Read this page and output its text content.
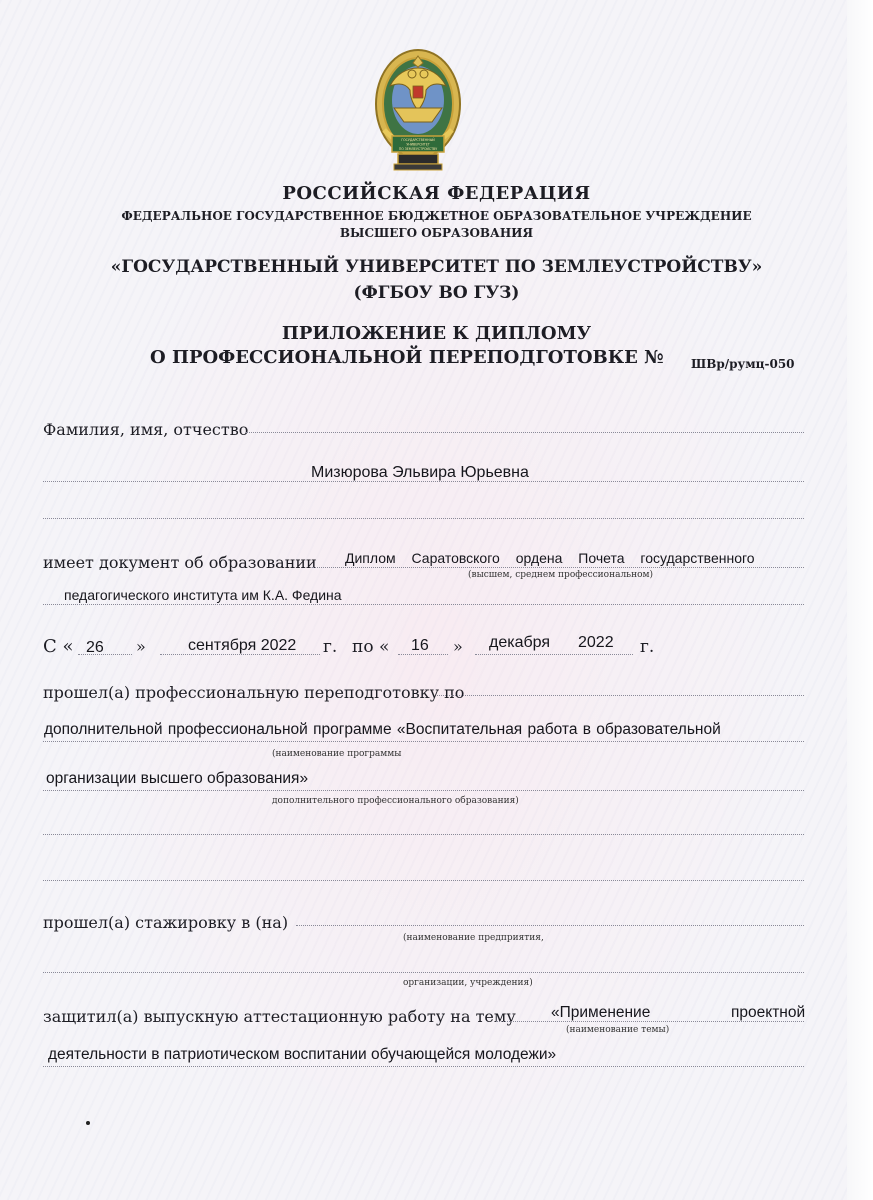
ГОСУДАРСТВЕННЫЙ
УНИВЕРСИТЕТ
ПО ЗЕМЛЕУСТРОЙСТВУ
РОССИЙСКАЯ ФЕДЕРАЦИЯ
ФЕДЕРАЛЬНОЕ ГОСУДАРСТВЕННОЕ БЮДЖЕТНОЕ ОБРАЗОВАТЕЛЬНОЕ УЧРЕЖДЕНИЕ
ВЫСШЕГО ОБРАЗОВАНИЯ
«ГОСУДАРСТВЕННЫЙ УНИВЕРСИТЕТ ПО ЗЕМЛЕУСТРОЙСТВУ»
(ФГБОУ ВО ГУЗ)
ПРИЛОЖЕНИЕ К ДИПЛОМУ
О ПРОФЕССИОНАЛЬНОЙ ПЕРЕПОДГОТОВКЕ № ШВр/румц-050
Фамилия, имя, отчество
Мизюрова Эльвира Юрьевна
имеет документ об образовании Диплом Саратовского ордена Почета государственного
(высшем, среднем профессиональном)
педагогического института им К.А. Федина
С « 26 »	сентября 2022 г. по « 16 » декабря 2022 г.
прошел(а) профессиональную переподготовку по
дополнительной профессиональной программе «Воспитательная работа в образовательной
(наименование программы
организации высшего образования»
дополнительного профессионального образования)
прошел(а) стажировку в (на)
(наименование предприятия,
организации, учреждения)
защитил(а) выпускную аттестационную работу на тему «Применение	проектной
(наименование темы)
деятельности в патриотическом воспитании обучающейся молодежи»
